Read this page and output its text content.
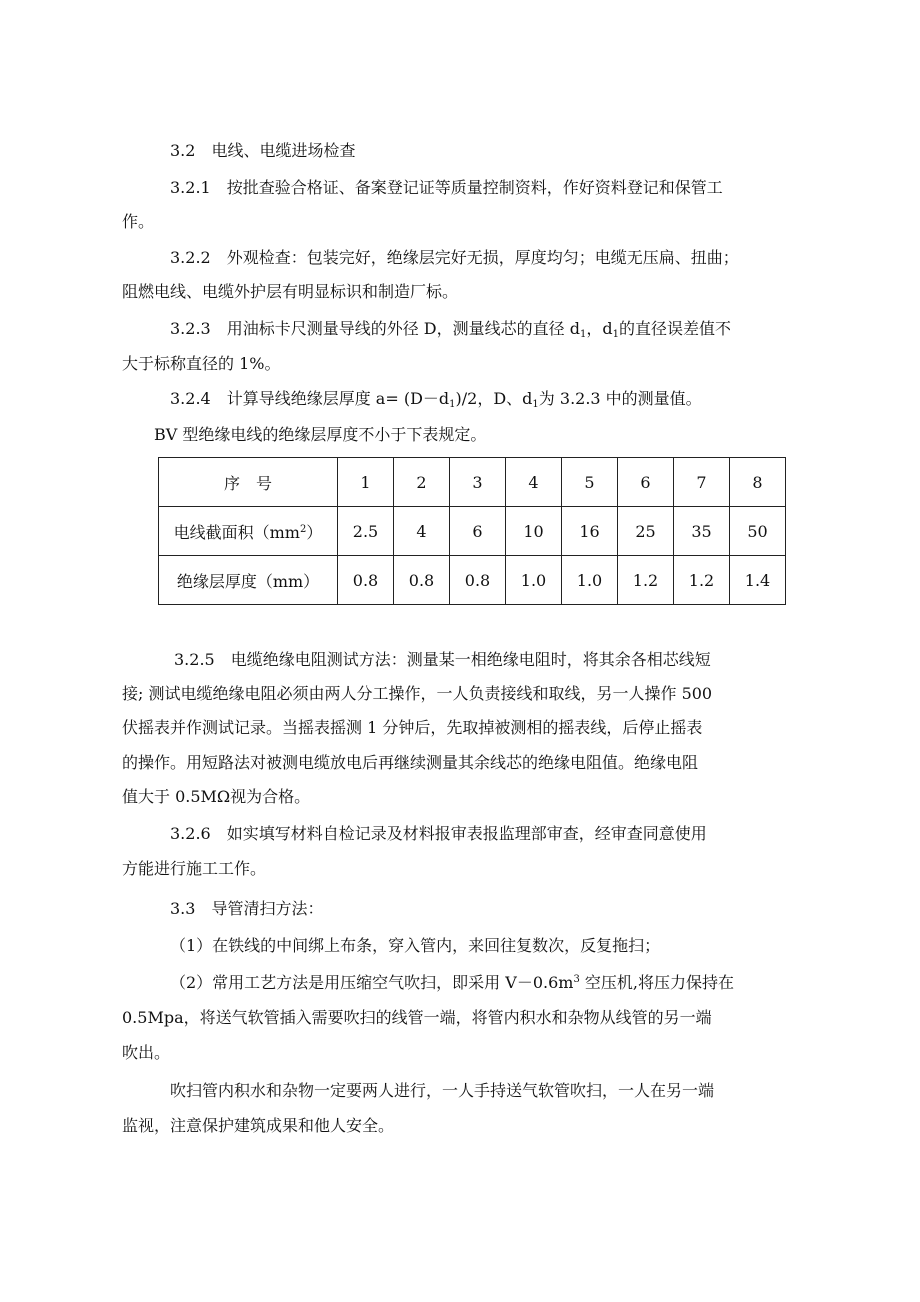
3.2　电线、电缆进场检查
3.2.1　按批查验合格证、备案登记证等质量控制资料，作好资料登记和保管工
作。
3.2.2　外观检查：包装完好，绝缘层完好无损，厚度均匀；电缆无压扁、扭曲；
阻燃电线、电缆外护层有明显标识和制造厂标。
3.2.3　用油标卡尺测量导线的外径 D，测量线芯的直径 $d_1$，$d_1$的直径误差值不
大于标称直径的 1%。
3.2.4　计算导线绝缘层厚度 $a= (D-d_1)/2$，D、$d_1$为 3.2.3 中的测量值。
BV 型绝缘电线的绝缘层厚度不小于下表规定。
序　号	1	2	3	4	5	6	7	8
电线截面积$(mm^2)$	2.5	4	6	10	16	25	35	50
绝缘层厚度（mm）	0.8	0.8	0.8	1.0	1.0	1.2	1.2	1.4
3.2.5　电缆绝缘电阻测试方法：测量某一相绝缘电阻时，将其余各相芯线短
接; 测试电缆绝缘电阻必须由两人分工操作，一人负责接线和取线，另一人操作 500
伏摇表并作测试记录。当摇表摇测 1 分钟后，先取掉被测相的摇表线，后停止摇表
的操作。用短路法对被测电缆放电后再继续测量其余线芯的绝缘电阻值。绝缘电阻
值大于 0.5MΩ视为合格。
3.2.6　如实填写材料自检记录及材料报审表报监理部审查，经审查同意使用
方能进行施工工作。
3.3　导管清扫方法：
（1）在铁线的中间绑上布条，穿入管内，来回往复数次，反复拖扫；
（2）常用工艺方法是用压缩空气吹扫，即采用 $V-0.6m^3$ 空压机,将压力保持在
0.5Mpa，将送气软管插入需要吹扫的线管一端，将管内积水和杂物从线管的另一端
吹出。
吹扫管内积水和杂物一定要两人进行，一人手持送气软管吹扫，一人在另一端
监视，注意保护建筑成果和他人安全。
